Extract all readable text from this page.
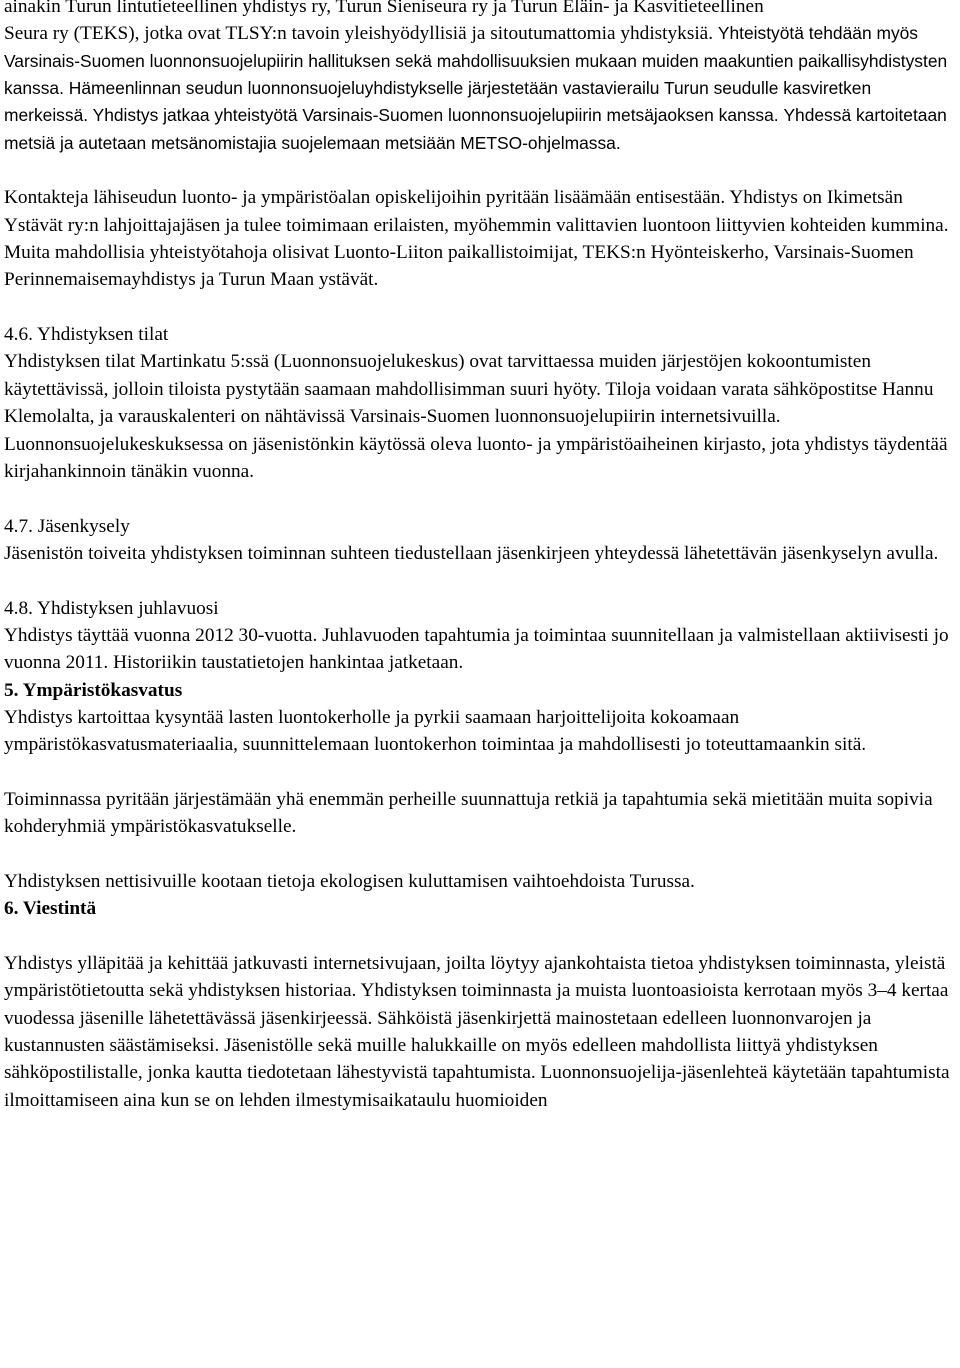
ainakin Turun lintutieteellinen yhdistys ry, Turun Sieniseura ry ja Turun Eläin- ja Kasvitieteellinen
Seura ry (TEKS), jotka ovat TLSY:n tavoin yleishyödyllisiä ja sitoutumattomia yhdistyksiä. Yhteistyötä tehdään myös Varsinais-Suomen luonnonsuojelupiirin hallituksen sekä mahdollisuuksien mukaan muiden maakuntien paikallisyhdistysten kanssa. Hämeenlinnan seudun luonnonsuojeluyhdistykselle järjestetään vastavierailu Turun seudulle kasviretken merkeissä. Yhdistys jatkaa yhteistyötä Varsinais-Suomen luonnonsuojelupiirin metsäjaoksen kanssa. Yhdessä kartoitetaan metsiä ja autetaan metsänomistajia suojelemaan metsiään METSO-ohjelmassa.

Kontakteja lähiseudun luonto- ja ympäristöalan opiskelijoihin pyritään lisäämään entisestään. Yhdistys on Ikimetsän Ystävät ry:n lahjoittajajäsen ja tulee toimimaan erilaisten, myöhemmin valittavien luontoon liittyvien kohteiden kummina. Muita mahdollisia yhteistyötahoja olisivat Luonto-Liiton paikallistoimijat, TEKS:n Hyönteiskerho, Varsinais-Suomen Perinnemaisemayhdistys ja Turun Maan ystävät.

4.6. Yhdistyksen tilat

Yhdistyksen tilat Martinkatu 5:ssä (Luonnonsuojelukeskus) ovat tarvittaessa muiden järjestöjen kokoontumisten käytettävissä, jolloin tiloista pystytään saamaan mahdollisimman suuri hyöty. Tiloja voidaan varata sähköpostitse Hannu Klemolalta, ja varauskalenteri on nähtävissä Varsinais-Suomen luonnonsuojelupiirin internetsivuilla. Luonnonsuojelukeskuksessa on jäsenistönkin käytössä oleva luonto- ja ympäristöaiheinen kirjasto, jota yhdistys täydentää kirjahankinnoin tänäkin vuonna.

4.7. Jäsenkysely

Jäsenistön toiveita yhdistyksen toiminnan suhteen tiedustellaan jäsenkirjeen yhteydessä lähetettävän jäsenkyselyn avulla.

4.8. Yhdistyksen juhlavuosi

Yhdistys täyttää vuonna 2012 30-vuotta. Juhlavuoden tapahtumia ja toimintaa suunnitellaan ja valmistellaan aktiivisesti jo vuonna 2011. Historiikin taustatietojen hankintaa jatketaan.

5. Ympäristökasvatus

Yhdistys kartoittaa kysyntää lasten luontokerholle ja pyrkii saamaan harjoittelijoita kokoamaan ympäristökasvatusmateriaalia, suunnittelemaan luontokerhon toimintaa ja mahdollisesti jo toteuttamaankin sitä.

Toiminnassa pyritään järjestämään yhä enemmän perheille suunnattuja retkiä ja tapahtumia sekä mietitään muita sopivia kohderyhmiä ympäristökasvatukselle.

Yhdistyksen nettisivuille kootaan tietoja ekologisen kuluttamisen vaihtoehdoista Turussa.

6. Viestintä

Yhdistys ylläpitää ja kehittää jatkuvasti internetsivujaan, joilta löytyy ajankohtaista tietoa yhdistyksen toiminnasta, yleistä ympäristötietoutta sekä yhdistyksen historiaa. Yhdistyksen toiminnasta ja muista luontoasioista kerrotaan myös 3–4 kertaa vuodessa jäsenille lähetettävässä jäsenkirjeessä. Sähköistä jäsenkirjettä mainostetaan edelleen luonnonvarojen ja kustannusten säästämiseksi. Jäsenistölle sekä muille halukkaille on myös edelleen mahdollista liittyä yhdistyksen sähköpostilistalle, jonka kautta tiedotetaan lähestyvistä tapahtumista. Luonnonsuojelija-jäsenlehteä käytetään tapahtumista ilmoittamiseen aina kun se on lehden ilmestymisaikataulu huomioiden
